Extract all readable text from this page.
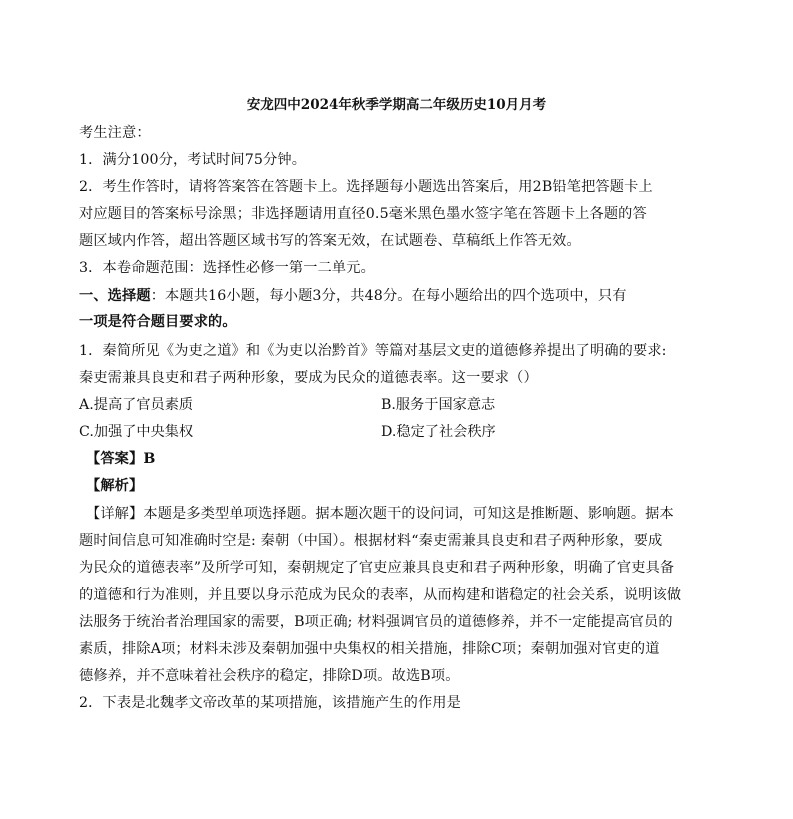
安龙四中2024年秋季学期高二年级历史10月月考
考生注意：
1．满分100分，考试时间75分钟。
2．考生作答时，请将答案答在答题卡上。选择题每小题选出答案后，用2B铅笔把答题卡上
对应题目的答案标号涂黑；非选择题请用直径0.5毫米黑色墨水签字笔在答题卡上各题的答
题区域内作答，超出答题区域书写的答案无效，在试题卷、草稿纸上作答无效。
3．本卷命题范围：选择性必修一第一二单元。
一、选择题：本题共16小题，每小题3分，共48分。在每小题给出的四个选项中，只有
一项是符合题目要求的。
1．秦简所见《为吏之道》和《为吏以治黔首》等篇对基层文吏的道德修养提出了明确的要求:
秦吏需兼具良吏和君子两种形象，要成为民众的道德表率。这一要求（）
A.提高了官员素质	B.服务于国家意志
C.加强了中央集权	D.稳定了社会秩序
【答案】B
【解析】
【详解】本题是多类型单项选择题。据本题次题干的设问词，可知这是推断题、影响题。据本
题时间信息可知准确时空是: 秦朝（中国）。根据材料“秦吏需兼具良吏和君子两种形象，要成
为民众的道德表率”及所学可知，秦朝规定了官吏应兼具良吏和君子两种形象，明确了官吏具备
的道德和行为准则，并且要以身示范成为民众的表率，从而构建和谐稳定的社会关系，说明该做
法服务于统治者治理国家的需要，B项正确; 材料强调官员的道德修养，并不一定能提高官员的
素质，排除A项；材料未涉及秦朝加强中央集权的相关措施，排除C项；秦朝加强对官吏的道
德修养，并不意味着社会秩序的稳定，排除D项。故选B项。
2．下表是北魏孝文帝改革的某项措施，该措施产生的作用是
